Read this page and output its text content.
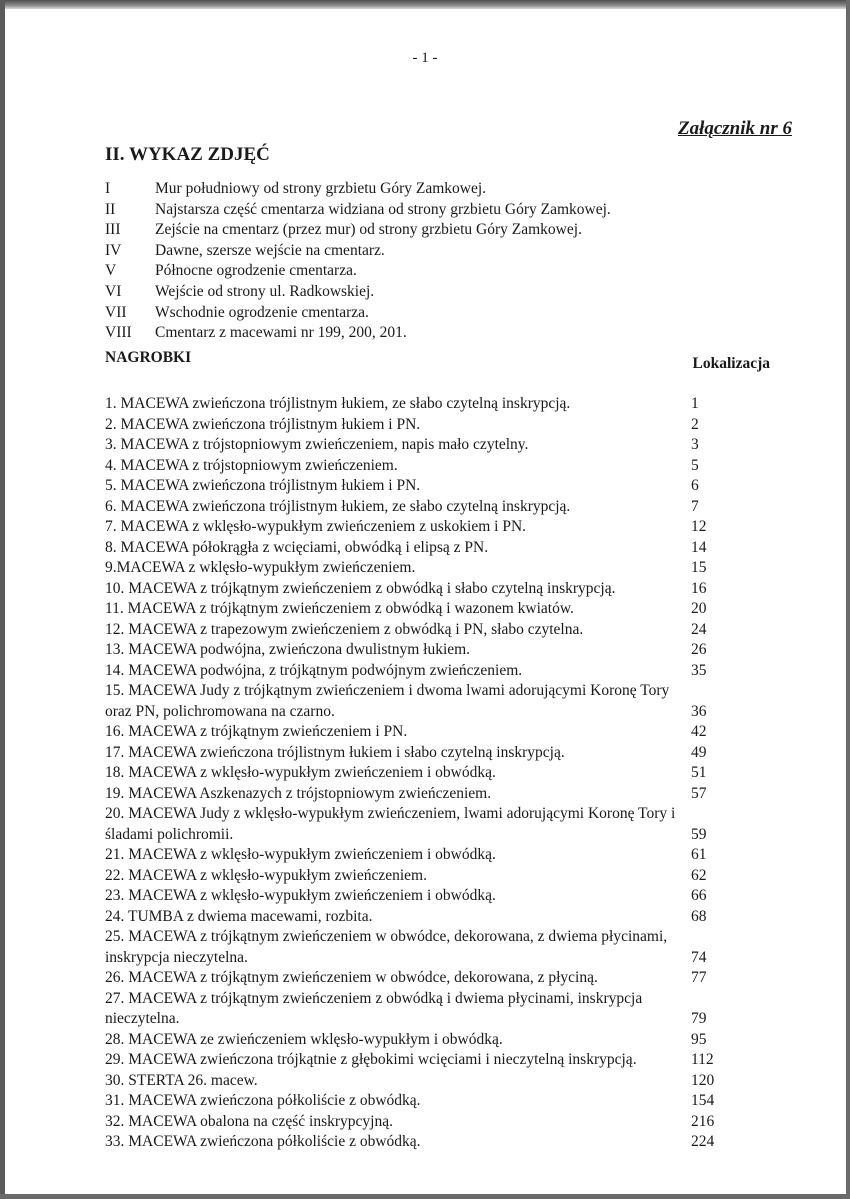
- 1 -
Załącznik nr 6
II. WYKAZ ZDJĘĆ
I	Mur południowy od strony grzbietu Góry Zamkowej.
II	Najstarsza część cmentarza widziana od strony grzbietu Góry Zamkowej.
III	Zejście na cmentarz (przez mur) od strony grzbietu Góry Zamkowej.
IV	Dawne, szersze wejście na cmentarz.
V	Północne ogrodzenie cmentarza.
VI	Wejście od strony ul. Radkowskiej.
VII	Wschodnie ogrodzenie cmentarza.
VIII	Cmentarz z macewami nr 199, 200, 201.
NAGROBKI	Lokalizacja
1. MACEWA zwieńczona trójlistnym łukiem, ze słabo czytelną inskrypcją.	1
2. MACEWA zwieńczona trójlistnym łukiem i PN.	2
3. MACEWA z trójstopniowym zwieńczeniem, napis mało czytelny.	3
4. MACEWA z trójstopniowym zwieńczeniem.	5
5. MACEWA zwieńczona trójlistnym łukiem i PN.	6
6. MACEWA zwieńczona trójlistnym łukiem, ze słabo czytelną inskrypcją.	7
7. MACEWA z wklęsło-wypukłym zwieńczeniem z uskokiem i PN.	12
8. MACEWA półokrągła z wcięciami, obwódką i elipsą z PN.	14
9.MACEWA z wklęsło-wypukłym zwieńczeniem.	15
10. MACEWA z trójkątnym zwieńczeniem z obwódką i słabo czytelną inskrypcją.	16
11. MACEWA z trójkątnym zwieńczeniem z obwódką i wazonem kwiatów.	20
12. MACEWA z trapezowym zwieńczeniem z obwódką i PN, słabo czytelna.	24
13. MACEWA podwójna, zwieńczona dwulistnym łukiem.	26
14. MACEWA podwójna, z trójkątnym podwójnym zwieńczeniem.	35
15. MACEWA Judy z trójkątnym zwieńczeniem i dwoma lwami adorującymi Koronę Tory oraz PN, polichromowana na czarno.	36
16. MACEWA z trójkątnym zwieńczeniem i PN.	42
17. MACEWA zwieńczona trójlistnym łukiem i słabo czytelną inskrypcją.	49
18. MACEWA z wklęsło-wypukłym zwieńczeniem i obwódką.	51
19. MACEWA Aszkenazych z trójstopniowym zwieńczeniem.	57
20. MACEWA Judy z wklęsło-wypukłym zwieńczeniem, lwami adorującymi Koronę Tory i śladami polichromii.	59
21. MACEWA z wklęsło-wypukłym zwieńczeniem i obwódką.	61
22. MACEWA z wklęsło-wypukłym zwieńczeniem.	62
23. MACEWA z wklęsło-wypukłym zwieńczeniem i obwódką.	66
24. TUMBA z dwiema macewami, rozbita.	68
25. MACEWA z trójkątnym zwieńczeniem w obwódce, dekorowana, z dwiema płycinami, inskrypcja nieczytelna.	74
26. MACEWA z trójkątnym zwieńczeniem w obwódce, dekorowana, z płyciną.	77
27. MACEWA z trójkątnym zwieńczeniem z obwódką i dwiema płycinami, inskrypcja nieczytelna.	79
28. MACEWA ze zwieńczeniem wklęsło-wypukłym i obwódką.	95
29. MACEWA zwieńczona trójkątnie z głębokimi wcięciami i nieczytelną inskrypcją.	112
30. STERTA 26. macew.	120
31. MACEWA zwieńczona półkoliście z obwódką.	154
32. MACEWA obalona na część inskrypcyjną.	216
33. MACEWA zwieńczona półkoliście z obwódką.	224
